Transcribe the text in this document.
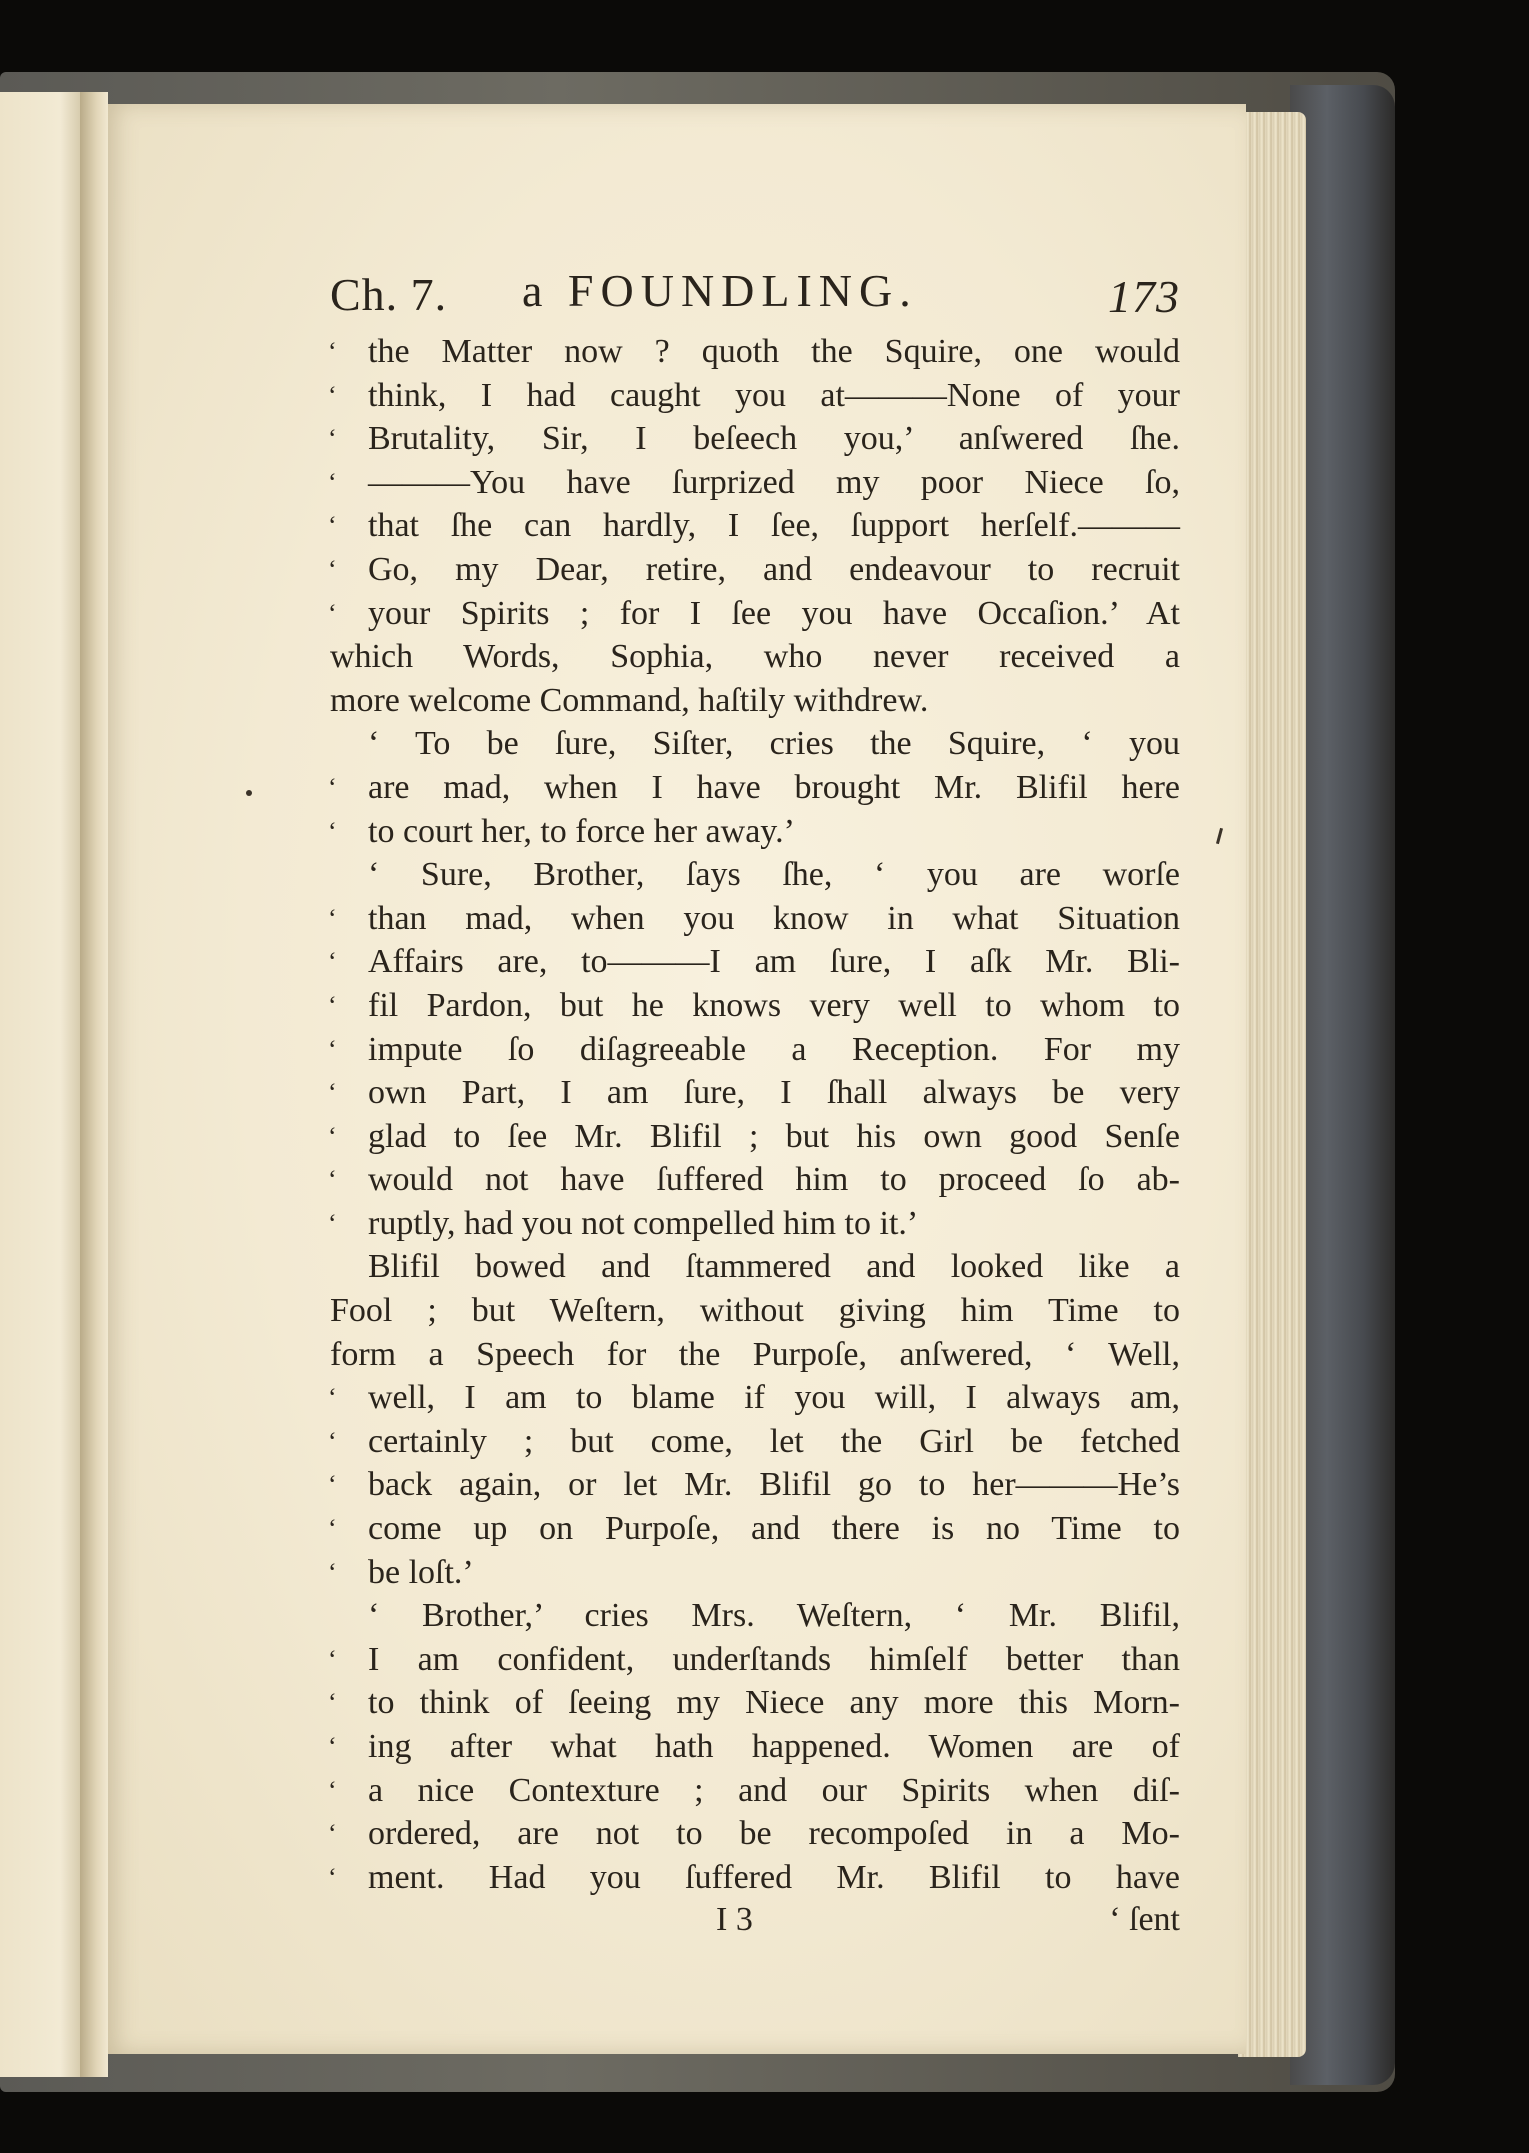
Ch. 7. a FOUNDLING.	173
‘ the Matter now ? quoth the Squire, one would
‘ think, I had caught you at———None of your
‘ Brutality, Sir, I beſeech you,’ anſwered ſhe.
‘ ———You have ſurprized my poor Niece ſo,
‘ that ſhe can hardly, I ſee, ſupport herſelf.———
‘ Go, my Dear, retire, and endeavour to recruit
‘ your Spirits ; for I ſee you have Occaſion.’ At
which Words, Sophia, who never received a
more welcome Command, haſtily withdrew.
‘ To be ſure, Siſter, cries the Squire, ‘ you
‘ are mad, when I have brought Mr. Blifil here
‘ to court her, to force her away.’
‘ Sure, Brother, ſays ſhe, ‘ you are worſe
‘ than mad, when you know in what Situation
‘ Affairs are, to———I am ſure, I aſk Mr. Bli-
‘ fil Pardon, but he knows very well to whom to
‘ impute ſo diſagreeable a Reception. For my
‘ own Part, I am ſure, I ſhall always be very
‘ glad to ſee Mr. Blifil ; but his own good Senſe
‘ would not have ſuffered him to proceed ſo ab-
‘ ruptly, had you not compelled him to it.’
Blifil bowed and ſtammered and looked like a
Fool ; but Weſtern, without giving him Time to
form a Speech for the Purpoſe, anſwered, ‘ Well,
‘ well, I am to blame if you will, I always am,
‘ certainly ; but come, let the Girl be fetched
‘ back again, or let Mr. Blifil go to her———He’s
‘ come up on Purpoſe, and there is no Time to
‘ be loſt.’
‘ Brother,’ cries Mrs. Weſtern, ‘ Mr. Blifil,
‘ I am confident, underſtands himſelf better than
‘ to think of ſeeing my Niece any more this Morn-
‘ ing after what hath happened. Women are of
‘ a nice Contexture ; and our Spirits when diſ-
‘ ordered, are not to be recompoſed in a Mo-
‘ ment. Had you ſuffered Mr. Blifil to have
I 3	‘ ſent
